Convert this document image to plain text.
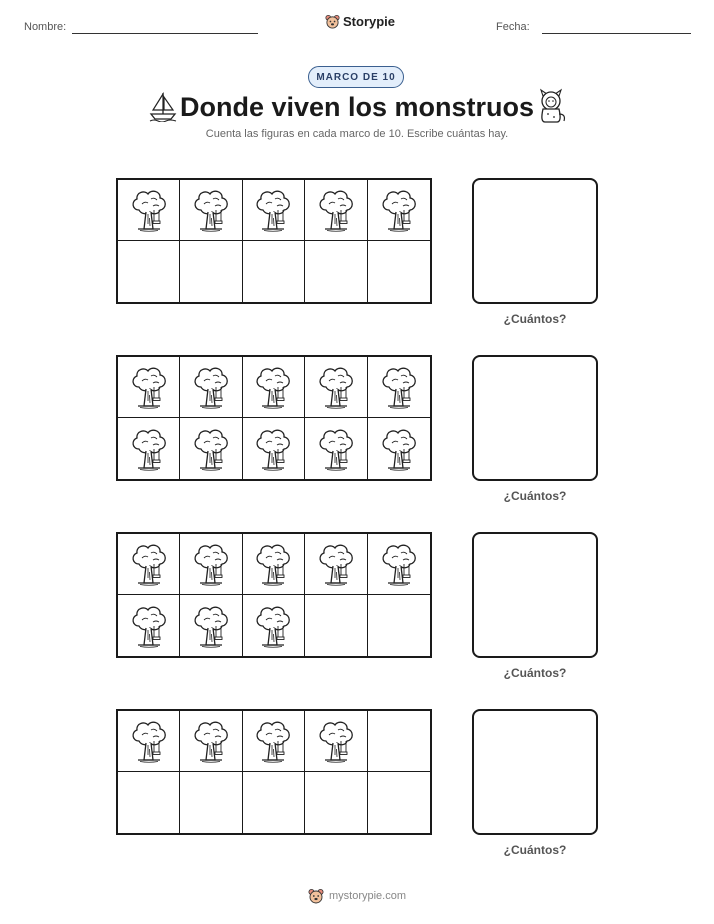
Nombre:	Storypie	Fecha:
MARCO DE 10
Donde viven los monstruos
Cuenta las figuras en cada marco de 10. Escribe cuántas hay.
¿Cuántos?
¿Cuántos?
¿Cuántos?
¿Cuántos?
mystorypie.com
